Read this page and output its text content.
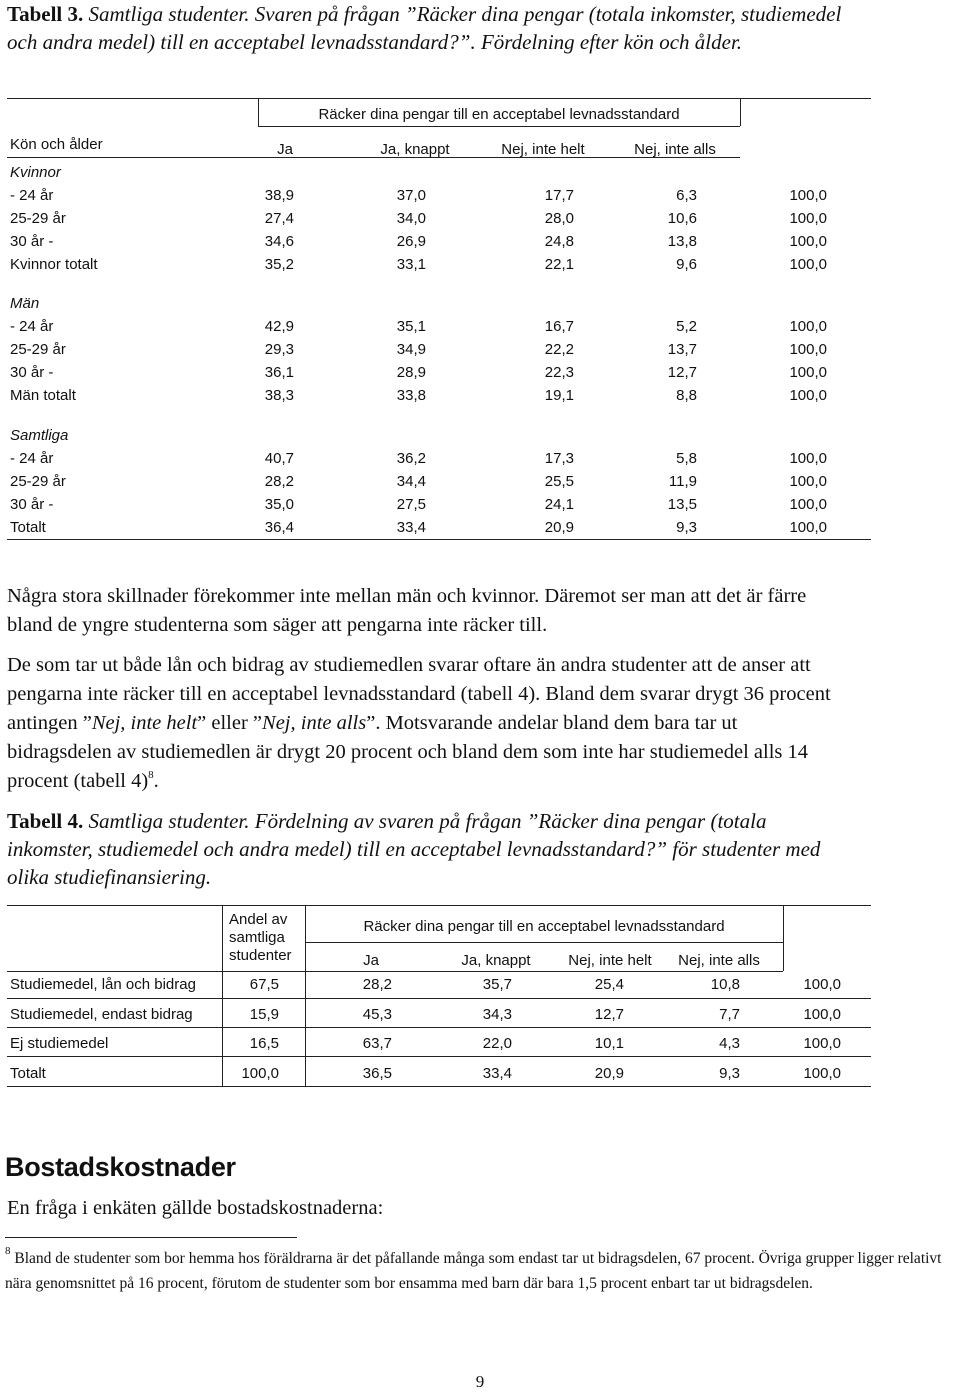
Tabell 3. Samtliga studenter. Svaren på frågan ”Räcker dina pengar (totala inkomster, studiemedel och andra medel) till en acceptabel levnadsstandard?”. Fördelning efter kön och ålder.
Räcker dina pengar till en acceptabel levnadsstandard
Kön och ålder	Ja	Ja, knappt	Nej, inte helt	Nej, inte alls
Kvinnor
- 24 år	38,9	37,0	17,7	6,3	100,0
25-29 år	27,4	34,0	28,0	10,6	100,0
30 år -	34,6	26,9	24,8	13,8	100,0
Kvinnor totalt	35,2	33,1	22,1	9,6	100,0
Män
- 24 år	42,9	35,1	16,7	5,2	100,0
25-29 år	29,3	34,9	22,2	13,7	100,0
30 år -	36,1	28,9	22,3	12,7	100,0
Män totalt	38,3	33,8	19,1	8,8	100,0
Samtliga
- 24 år	40,7	36,2	17,3	5,8	100,0
25-29 år	28,2	34,4	25,5	11,9	100,0
30 år -	35,0	27,5	24,1	13,5	100,0
Totalt	36,4	33,4	20,9	9,3	100,0
Några stora skillnader förekommer inte mellan män och kvinnor. Däremot ser man att det är färre bland de yngre studenterna som säger att pengarna inte räcker till.
De som tar ut både lån och bidrag av studiemedlen svarar oftare än andra studenter att de anser att pengarna inte räcker till en acceptabel levnadsstandard (tabell 4). Bland dem svarar drygt 36 procent antingen ”Nej, inte helt” eller ”Nej, inte alls”. Motsvarande andelar bland dem bara tar ut bidragsdelen av studiemedlen är drygt 20 procent och bland dem som inte har studiemedel alls 14 procent (tabell 4)$^8$.
Tabell 4. Samtliga studenter. Fördelning av svaren på frågan ”Räcker dina pengar (totala inkomster, studiemedel och andra medel) till en acceptabel levnadsstandard?” för studenter med olika studiefinansiering.
Andel av samtliga studenter
Räcker dina pengar till en acceptabel levnadsstandard
Ja	Ja, knappt	Nej, inte helt	Nej, inte alls
Studiemedel, lån och bidrag	67,5	28,2	35,7	25,4	10,8	100,0
Studiemedel, endast bidrag	15,9	45,3	34,3	12,7	7,7	100,0
Ej studiemedel	16,5	63,7	22,0	10,1	4,3	100,0
Totalt	100,0	36,5	33,4	20,9	9,3	100,0
Bostadskostnader
En fråga i enkäten gällde bostadskostnaderna:
$^8$ Bland de studenter som bor hemma hos föräldrarna är det påfallande många som endast tar ut bidragsdelen, 67 procent. Övriga grupper ligger relativt nära genomsnittet på 16 procent, förutom de studenter som bor ensamma med barn där bara 1,5 procent enbart tar ut bidragsdelen.
9
